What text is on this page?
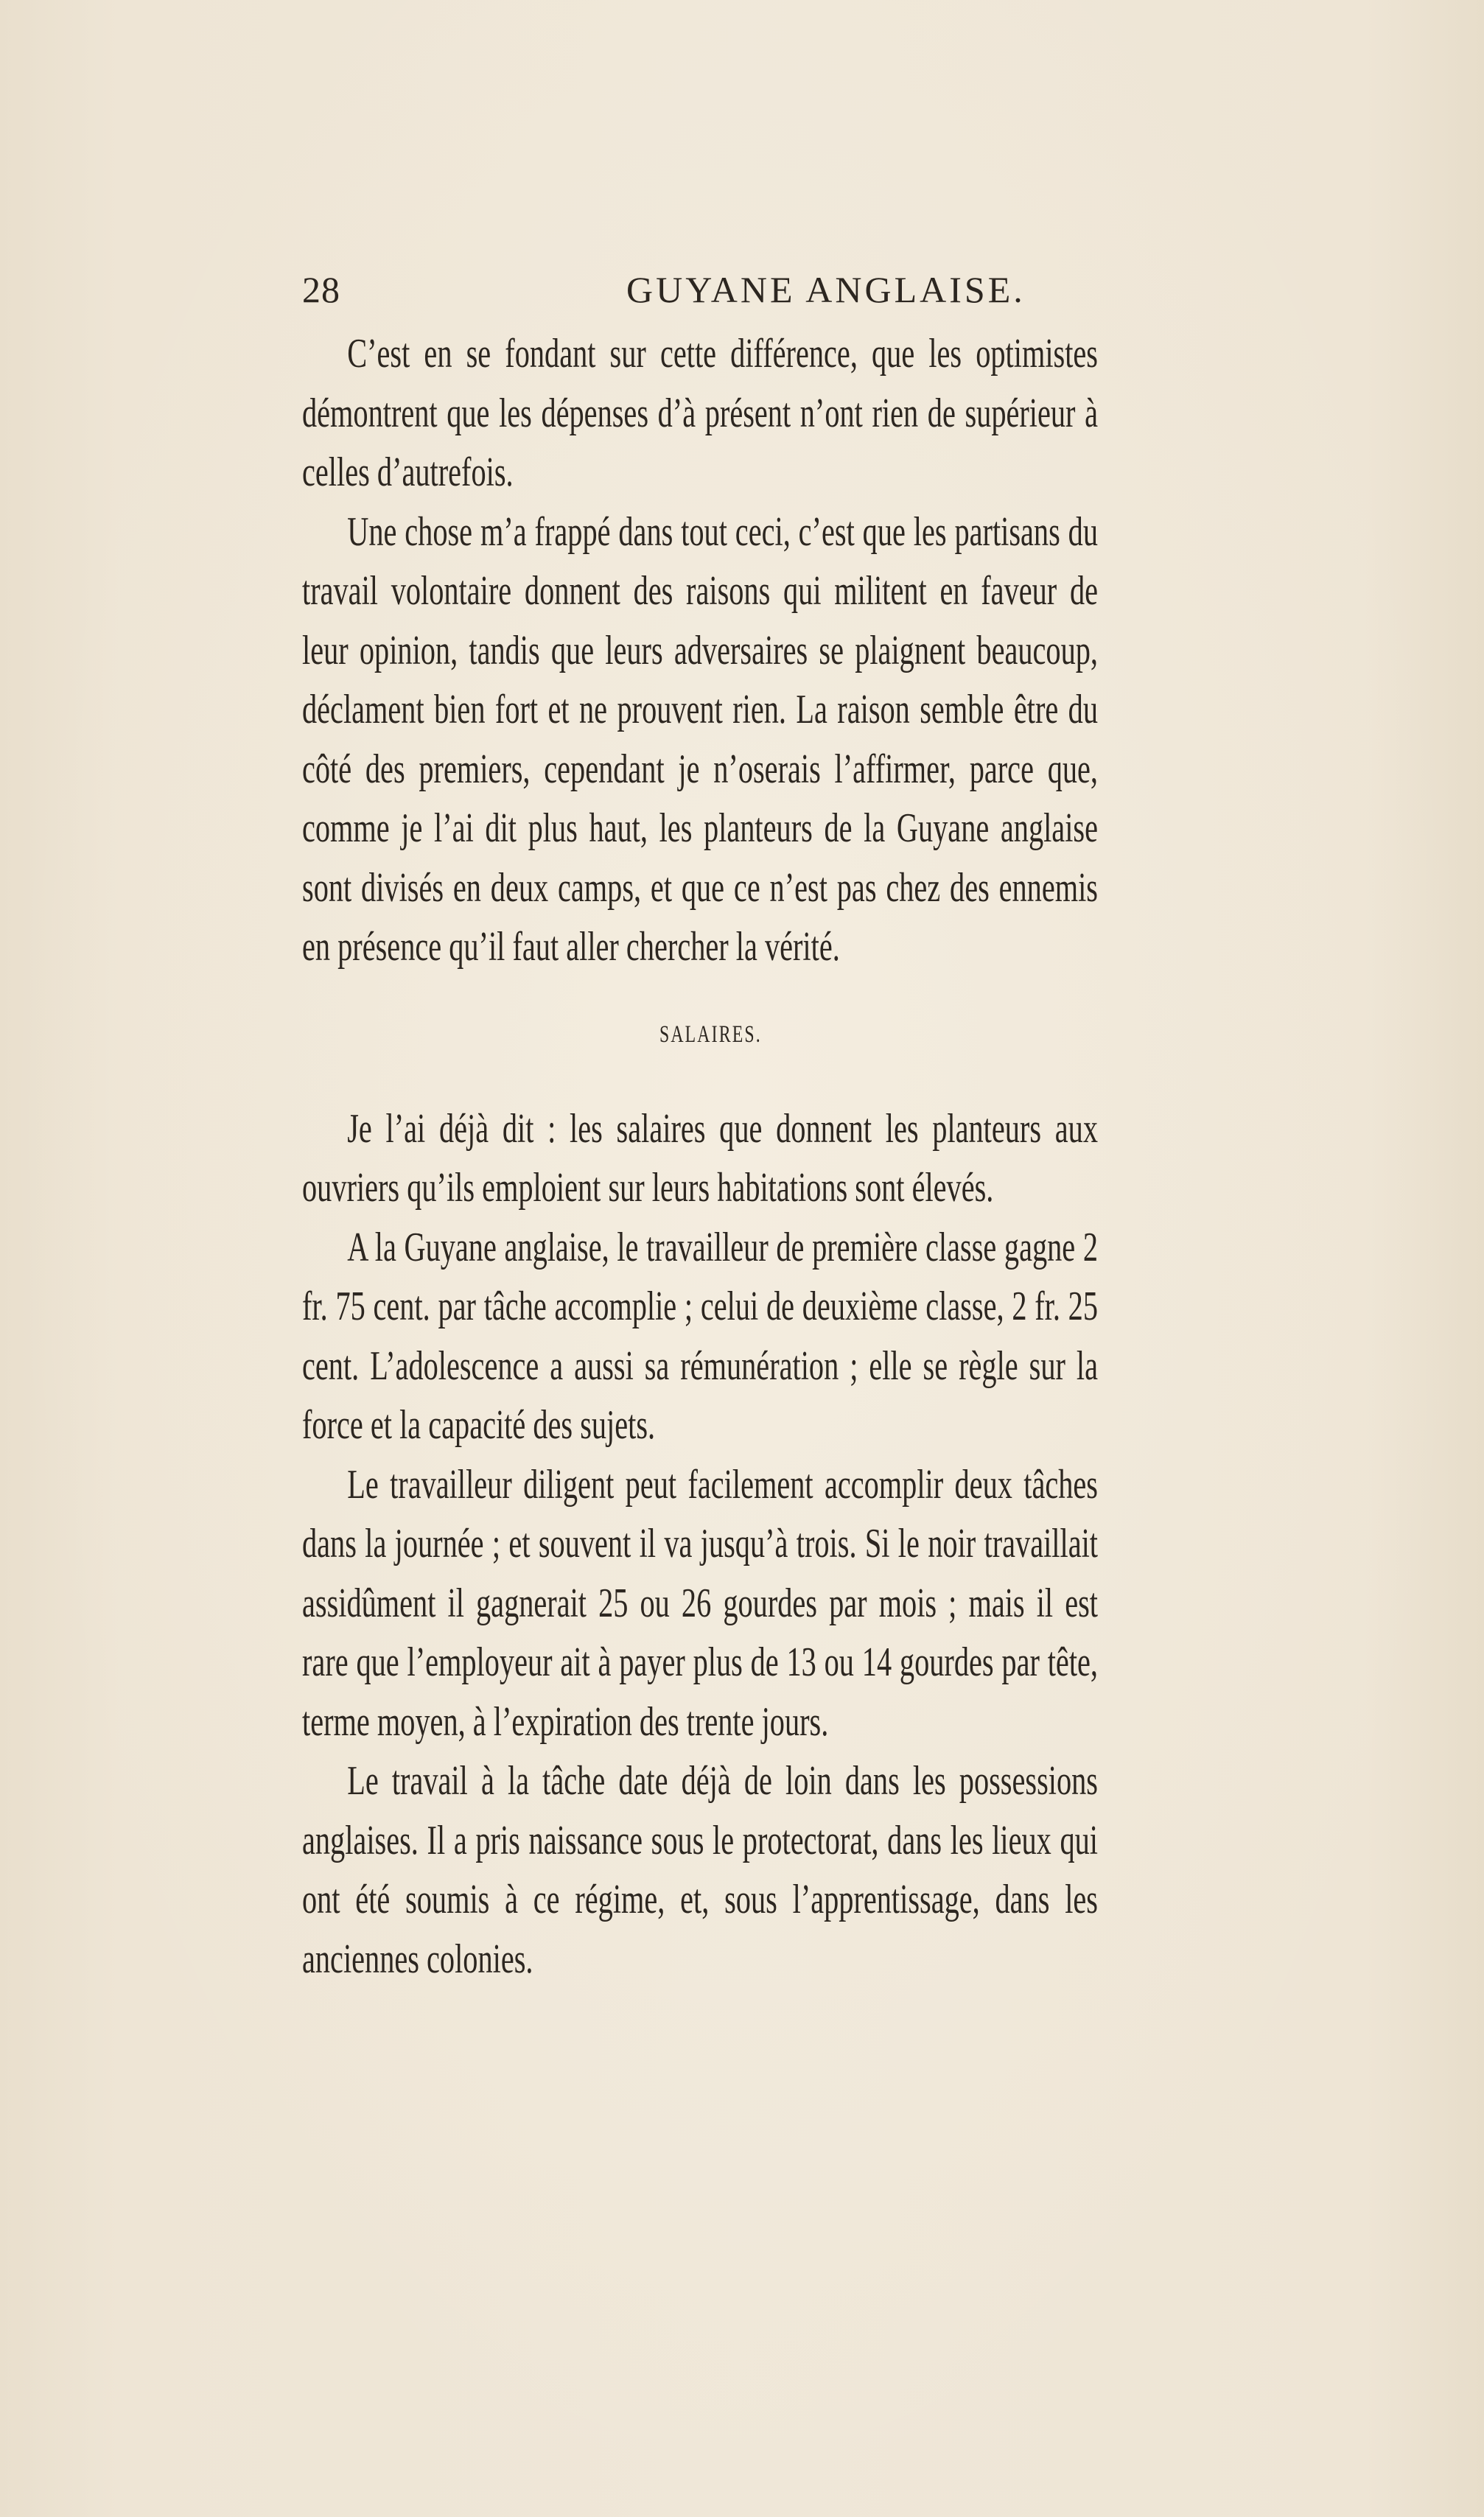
28	GUYANE ANGLAISE.

C’est en se fondant sur cette différence, que les optimistes démontrent que les dépenses d’à présent n’ont rien de supérieur à celles d’autrefois.

Une chose m’a frappé dans tout ceci, c’est que les partisans du travail volontaire donnent des raisons qui militent en faveur de leur opinion, tandis que leurs adversaires se plaignent beaucoup, déclament bien fort et ne prouvent rien. La raison semble être du côté des premiers, cependant je n’oserais l’affirmer, parce que, comme je l’ai dit plus haut, les planteurs de la Guyane anglaise sont divisés en deux camps, et que ce n’est pas chez des ennemis en présence qu’il faut aller chercher la vérité.

SALAIRES.

Je l’ai déjà dit : les salaires que donnent les planteurs aux ouvriers qu’ils emploient sur leurs habitations sont élevés.

A la Guyane anglaise, le travailleur de première classe gagne 2 fr. 75 cent. par tâche accomplie ; celui de deuxième classe, 2 fr. 25 cent. L’adolescence a aussi sa rémunération ; elle se règle sur la force et la capacité des sujets.

Le travailleur diligent peut facilement accomplir deux tâches dans la journée ; et souvent il va jusqu’à trois. Si le noir travaillait assidûment il gagnerait 25 ou 26 gourdes par mois ; mais il est rare que l’employeur ait à payer plus de 13 ou 14 gourdes par tête, terme moyen, à l’expiration des trente jours.

Le travail à la tâche date déjà de loin dans les possessions anglaises. Il a pris naissance sous le protectorat, dans les lieux qui ont été soumis à ce régime, et, sous l’apprentissage, dans les anciennes colonies.
